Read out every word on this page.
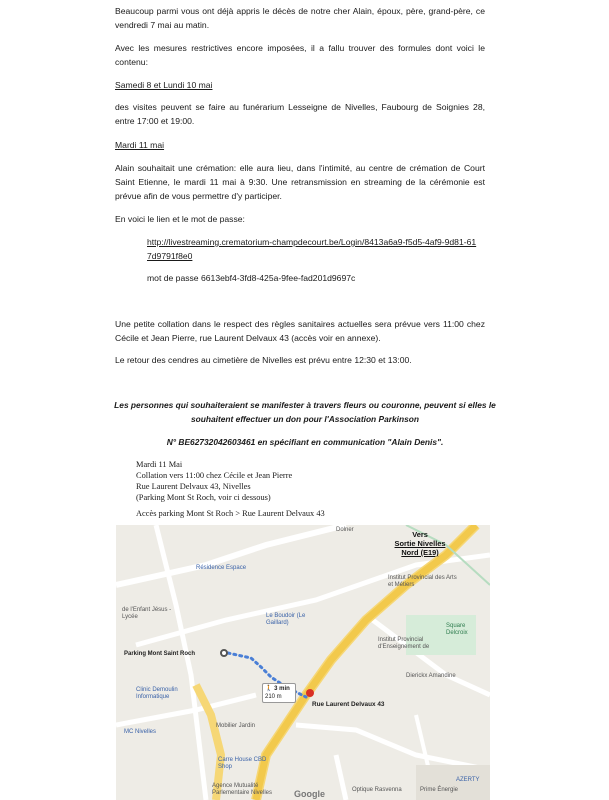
Beaucoup parmi vous ont déjà appris le décès de notre cher Alain, époux, père, grand-père, ce vendredi 7 mai au matin.

Avec les mesures restrictives encore imposées, il a fallu trouver des formules dont voici le contenu:

Samedi 8 et Lundi 10 mai

des visites peuvent se faire au funérarium Lesseigne de Nivelles, Faubourg de Soignies 28, entre 17:00 et 19:00.

Mardi 11 mai

Alain souhaitait une crémation: elle aura lieu, dans l'intimité, au centre de crémation de Court Saint Etienne, le mardi 11 mai à 9:30. Une retransmission en streaming de la cérémonie est prévue afin de vous permettre d'y participer.

En voici le lien et le mot de passe:

http://livestreaming.crematorium-champdecourt.be/Login/8413a6a9-f5d5-4af9-9d81-617d9791f8e0

mot de passe 6613ebf4-3fd8-425a-9fee-fad201d9697c

Une petite collation dans le respect des règles sanitaires actuelles sera prévue vers 11:00 chez Cécile et Jean Pierre, rue Laurent Delvaux 43 (accès voir en annexe).

Le retour des cendres au cimetière de Nivelles est prévu entre 12:30 et 13:00.

Les personnes qui souhaiteraient se manifester à travers fleurs ou couronne, peuvent si elles le souhaitent effectuer un don pour l'Association Parkinson

N° BE62732042603461 en spécifiant en communication "Alain Denis".

Mardi 11 Mai

Collation vers 11:00 chez Cécile et Jean Pierre

Rue Laurent Delvaux 43, Nivelles

(Parking Mont St Roch, voir ci dessous)

Accès parking Mont St Roch > Rue Laurent Delvaux 43

Vers
Sortie Nivelles
Nord (E19)
Dolner
Résidence Espace
de l'Enfant Jésus - Lycée
Institut Provincial des Arts et Métiers
Le Boudoir (Le Gaillard)
Institut Provincial d'Enseignement de
Square Delcroix
Parking Mont Saint Roch
Dierickx Amandine
Clinic Demoulin Informatique
Mobilier Jardin
MC Nivelles
Carre House CBD Shop
Agence Mutualité Parlementaire Nivelles	Optique Rasvenna	Prime Énergie
AZERTY
Rue Laurent Delvaux 43
🚶 3 min
210 m
Google
